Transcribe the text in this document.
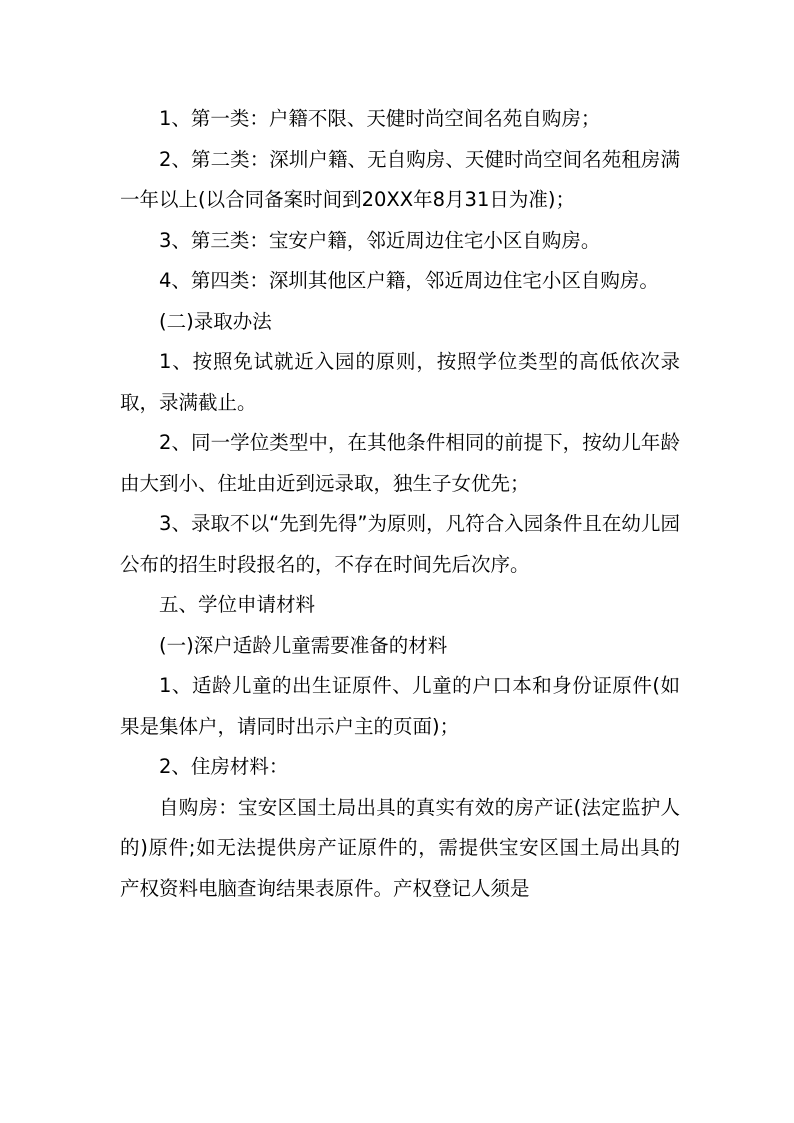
1、第一类：户籍不限、天健时尚空间名苑自购房；

2、第二类：深圳户籍、无自购房、天健时尚空间名苑租房满一年以上(以合同备案时间到20XX年8月31日为准)；

3、第三类：宝安户籍，邻近周边住宅小区自购房。

4、第四类：深圳其他区户籍，邻近周边住宅小区自购房。

(二)录取办法

1、按照免试就近入园的原则，按照学位类型的高低依次录取，录满截止。

2、同一学位类型中，在其他条件相同的前提下，按幼儿年龄由大到小、住址由近到远录取，独生子女优先；

3、录取不以“先到先得”为原则，凡符合入园条件且在幼儿园公布的招生时段报名的，不存在时间先后次序。

五、学位申请材料

(一)深户适龄儿童需要准备的材料

1、适龄儿童的出生证原件、儿童的户口本和身份证原件(如果是集体户，请同时出示户主的页面)；

2、住房材料：

自购房：宝安区国土局出具的真实有效的房产证(法定监护人的)原件;如无法提供房产证原件的，需提供宝安区国土局出具的产权资料电脑查询结果表原件。产权登记人须是
